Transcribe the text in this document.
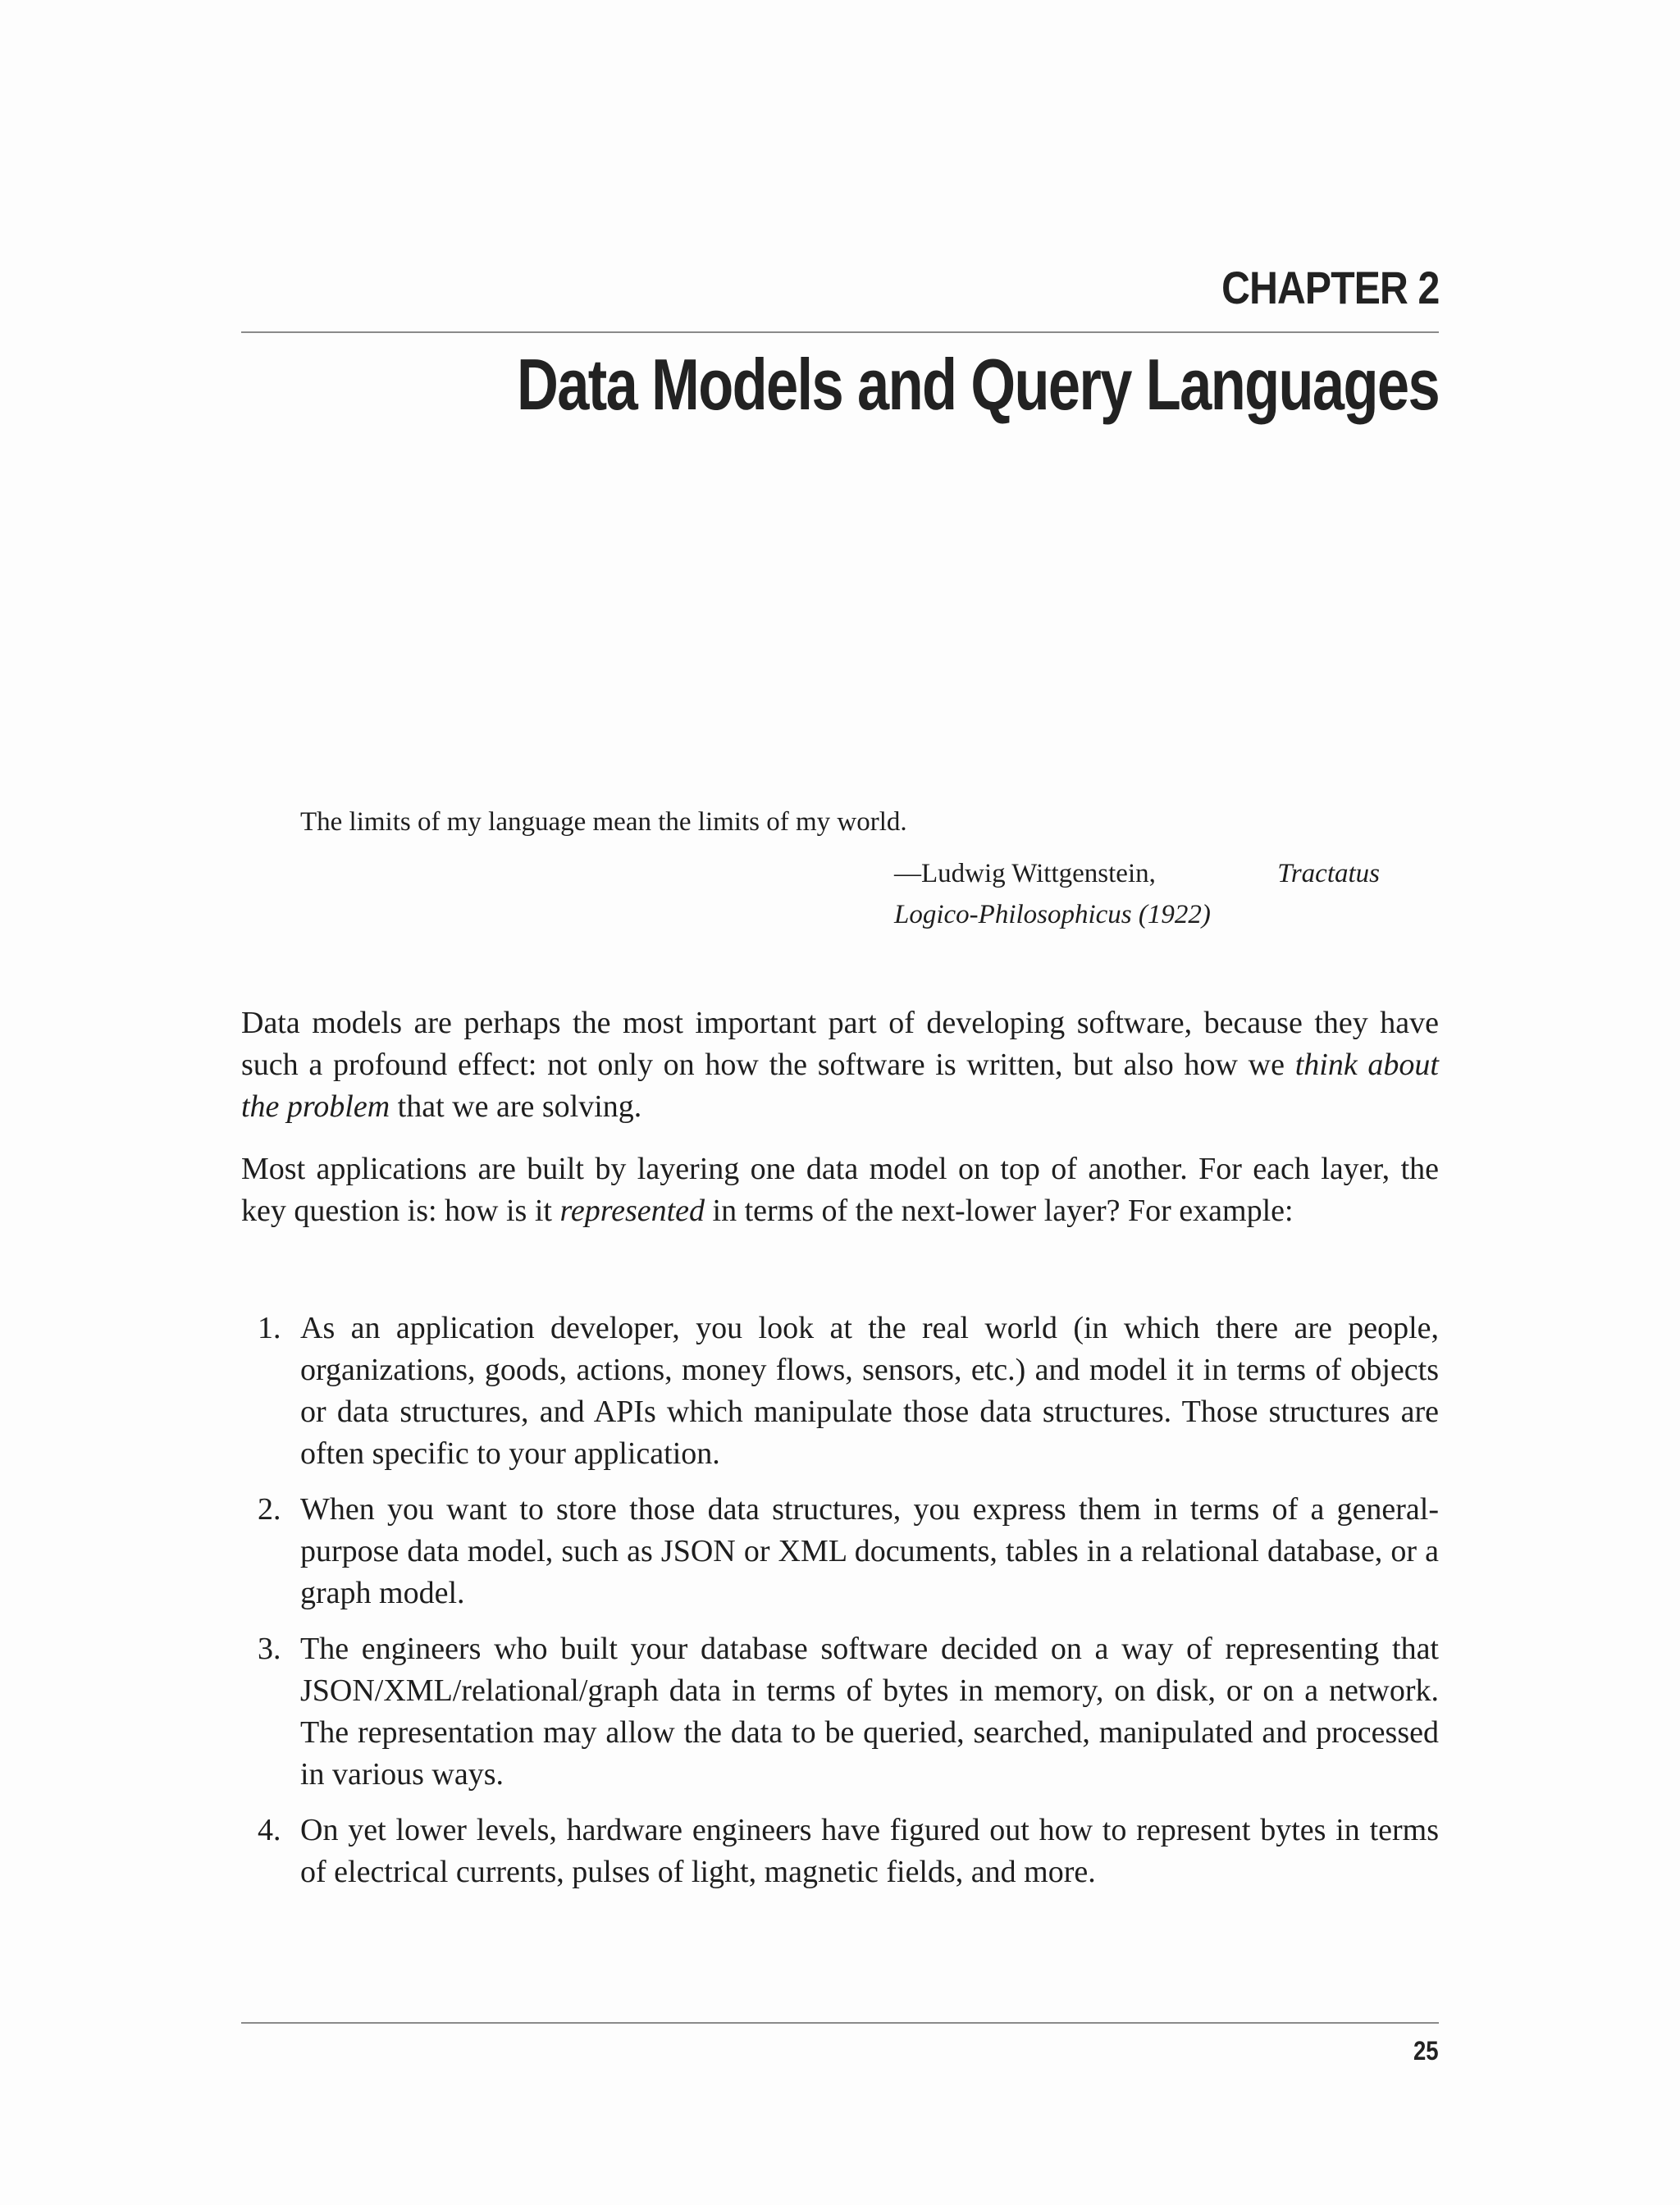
CHAPTER 2
Data Models and Query Languages
The limits of my language mean the limits of my world.
—Ludwig Wittgenstein,	Tractatus
Logico-Philosophicus (1922)

Data models are perhaps the most important part of developing software, because they have such a profound effect: not only on how the software is written, but also how we think about the problem that we are solving.

Most applications are built by layering one data model on top of another. For each layer, the key question is: how is it represented in terms of the next-lower layer? For example:

1. As an application developer, you look at the real world (in which there are people, organizations, goods, actions, money flows, sensors, etc.) and model it in terms of objects or data structures, and APIs which manipulate those data structures. Those structures are often specific to your application.
2. When you want to store those data structures, you express them in terms of a general-purpose data model, such as JSON or XML documents, tables in a relational database, or a graph model.
3. The engineers who built your database software decided on a way of representing that JSON/XML/relational/graph data in terms of bytes in memory, on disk, or on a network. The representation may allow the data to be queried, searched, manipulated and processed in various ways.
4. On yet lower levels, hardware engineers have figured out how to represent bytes in terms of electrical currents, pulses of light, magnetic fields, and more.
25
